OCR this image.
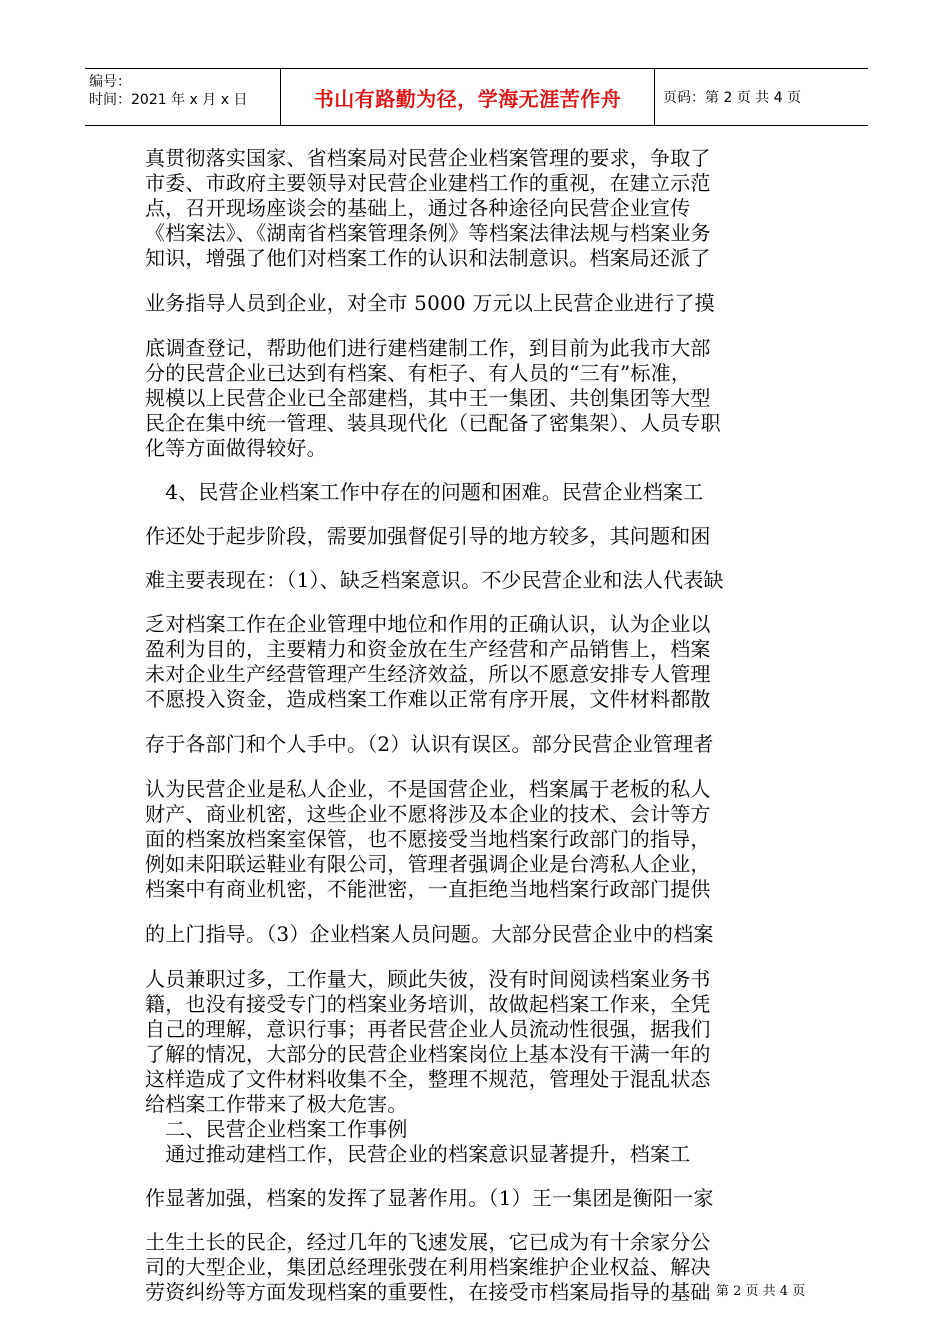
编号：
时间：2021 年 x 月 x 日	书山有路勤为径，学海无涯苦作舟	页码：第 2 页 共 4 页
真贯彻落实国家、省档案局对民营企业档案管理的要求，争取了
市委、市政府主要领导对民营企业建档工作的重视，在建立示范
点，召开现场座谈会的基础上，通过各种途径向民营企业宣传
《档案法》、《湖南省档案管理条例》等档案法律法规与档案业务
知识，增强了他们对档案工作的认识和法制意识。档案局还派了
业务指导人员到企业，对全市 5000 万元以上民营企业进行了摸
底调查登记，帮助他们进行建档建制工作，到目前为此我市大部
分的民营企业已达到有档案、有柜子、有人员的“三有”标准，
规模以上民营企业已全部建档，其中王一集团、共创集团等大型
民企在集中统一管理、装具现代化（已配备了密集架）、人员专职
化等方面做得较好。
　4、民营企业档案工作中存在的问题和困难。民营企业档案工
作还处于起步阶段，需要加强督促引导的地方较多，其问题和困
难主要表现在：（1）、缺乏档案意识。不少民营企业和法人代表缺
乏对档案工作在企业管理中地位和作用的正确认识，认为企业以
盈利为目的，主要精力和资金放在生产经营和产品销售上，档案
未对企业生产经营管理产生经济效益，所以不愿意安排专人管理
不愿投入资金，造成档案工作难以正常有序开展，文件材料都散
存于各部门和个人手中。（2）认识有误区。部分民营企业管理者
认为民营企业是私人企业，不是国营企业，档案属于老板的私人
财产、商业机密，这些企业不愿将涉及本企业的技术、会计等方
面的档案放档案室保管，也不愿接受当地档案行政部门的指导，
例如耒阳联运鞋业有限公司，管理者强调企业是台湾私人企业，
档案中有商业机密，不能泄密，一直拒绝当地档案行政部门提供
的上门指导。（3）企业档案人员问题。大部分民营企业中的档案
人员兼职过多，工作量大，顾此失彼，没有时间阅读档案业务书
籍，也没有接受专门的档案业务培训，故做起档案工作来，全凭
自己的理解，意识行事；再者民营企业人员流动性很强，据我们
了解的情况，大部分的民营企业档案岗位上基本没有干满一年的
这样造成了文件材料收集不全，整理不规范，管理处于混乱状态
给档案工作带来了极大危害。
　二、民营企业档案工作事例
　通过推动建档工作，民营企业的档案意识显著提升，档案工
作显著加强，档案的发挥了显著作用。（1）王一集团是衡阳一家
土生土长的民企，经过几年的飞速发展，它已成为有十余家分公
司的大型企业，集团总经理张弢在利用档案维护企业权益、解决
劳资纠纷等方面发现档案的重要性，在接受市档案局指导的基础 第 2 页 共 4 页
